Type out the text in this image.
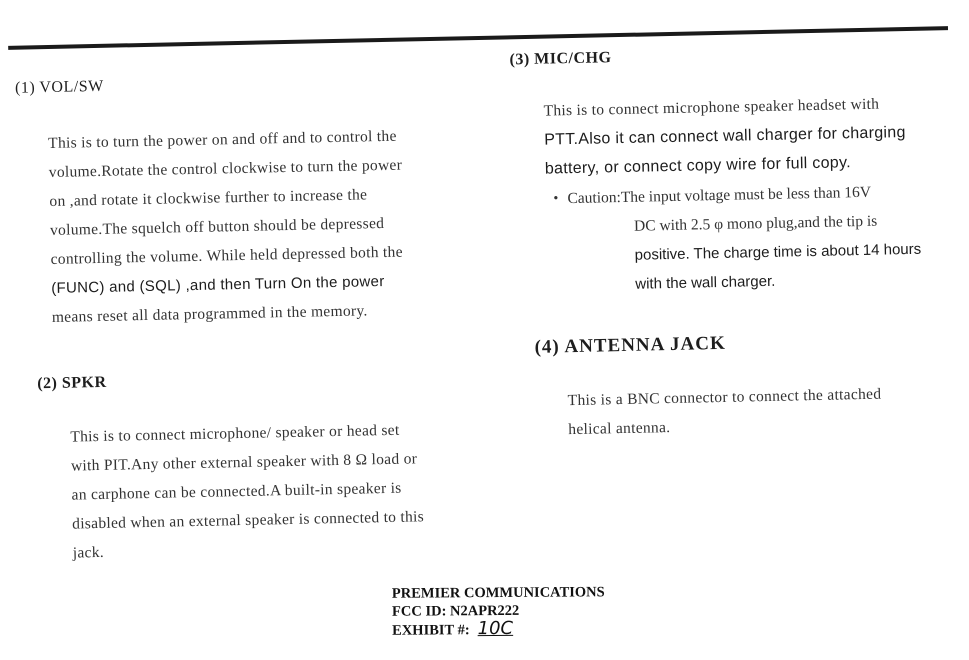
(1) VOL/SW
This is to turn the power on and off and to control the
volume.Rotate the control clockwise to turn the power
on ,and rotate it clockwise further to increase the
volume.The squelch off button should be depressed
controlling the volume. While held depressed both the
(FUNC) and (SQL) ,and then Turn On the power
means reset all data programmed in the memory.
(2) SPKR
This is to connect microphone/ speaker or head set
with PIT.Any other external speaker with 8 Ω load or
an carphone can be connected.A built-in speaker is
disabled when an external speaker is connected to this
jack.
(3) MIC/CHG
This is to connect microphone speaker headset with
PTT.Also it can connect wall charger for charging
battery, or connect copy wire for full copy.
• Caution:The input voltage must be less than 16V
DC with 2.5 φ mono plug,and the tip is
positive. The charge time is about 14 hours
with the wall charger.
(4) ANTENNA JACK
This is a BNC connector to connect the attached
helical antenna.
PREMIER COMMUNICATIONS
FCC ID: N2APR222
EXHIBIT #: 10C
